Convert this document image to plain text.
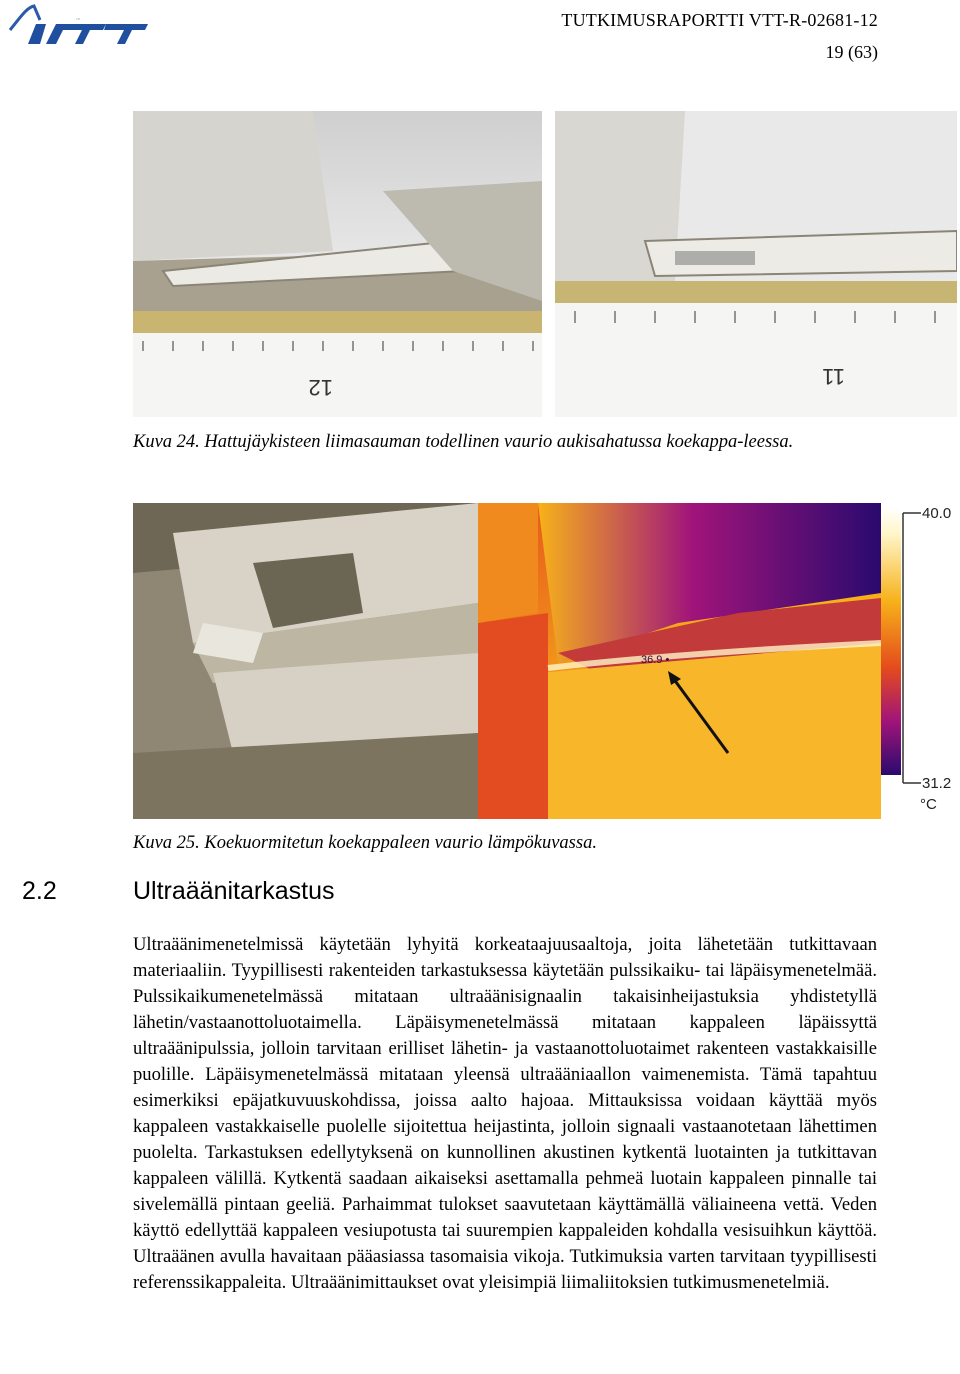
VTT	TUTKIMUSRAPORTTI VTT-R-02681-12
19 (63)
12	11
Kuva 24. Hattujäykisteen liimasauman todellinen vaurio aukisahatussa koekappa-leessa.
36.9 •
40.0
31.2
°C
Kuva 25. Koekuormitetun koekappaleen vaurio lämpökuvassa.
2.2	Ultraäänitarkastus
Ultraäänimenetelmissä käytetään lyhyitä korkeataajuusaaltoja, joita lähetetään tutkittavaan materiaaliin. Tyypillisesti rakenteiden tarkastuksessa käytetään pulssikaiku- tai läpäisymenetelmää. Pulssikaikumenetelmässä mitataan ultraäänisignaalin takaisinheijastuksia yhdistetyllä lähetin/vastaanottoluotaimella. Läpäisymenetelmässä mitataan kappaleen läpäissyttä ultraäänipulssia, jolloin tarvitaan erilliset lähetin- ja vastaanottoluotaimet rakenteen vastakkaisille puolille. Läpäisymenetelmässä mitataan yleensä ultraääniaallon vaimenemista. Tämä tapahtuu esimerkiksi epäjatkuvuuskohdissa, joissa aalto hajoaa. Mittauksissa voidaan käyttää myös kappaleen vastakkaiselle puolelle sijoitettua heijastinta, jolloin signaali vastaanotetaan lähettimen puolelta. Tarkastuksen edellytyksenä on kunnollinen akustinen kytkentä luotainten ja tutkittavan kappaleen välillä. Kytkentä saadaan aikaiseksi asettamalla pehmeä luotain kappaleen pinnalle tai sivelemällä pintaan geeliä. Parhaimmat tulokset saavutetaan käyttämällä väliaineena vettä. Veden käyttö edellyttää kappaleen vesiupotusta tai suurempien kappaleiden kohdalla vesisuihkun käyttöä. Ultraäänen avulla havaitaan pääasiassa tasomaisia vikoja. Tutkimuksia varten tarvitaan tyypillisesti referenssikappaleita. Ultraäänimittaukset ovat yleisimpiä liimaliitoksien tutkimusmenetelmiä.
